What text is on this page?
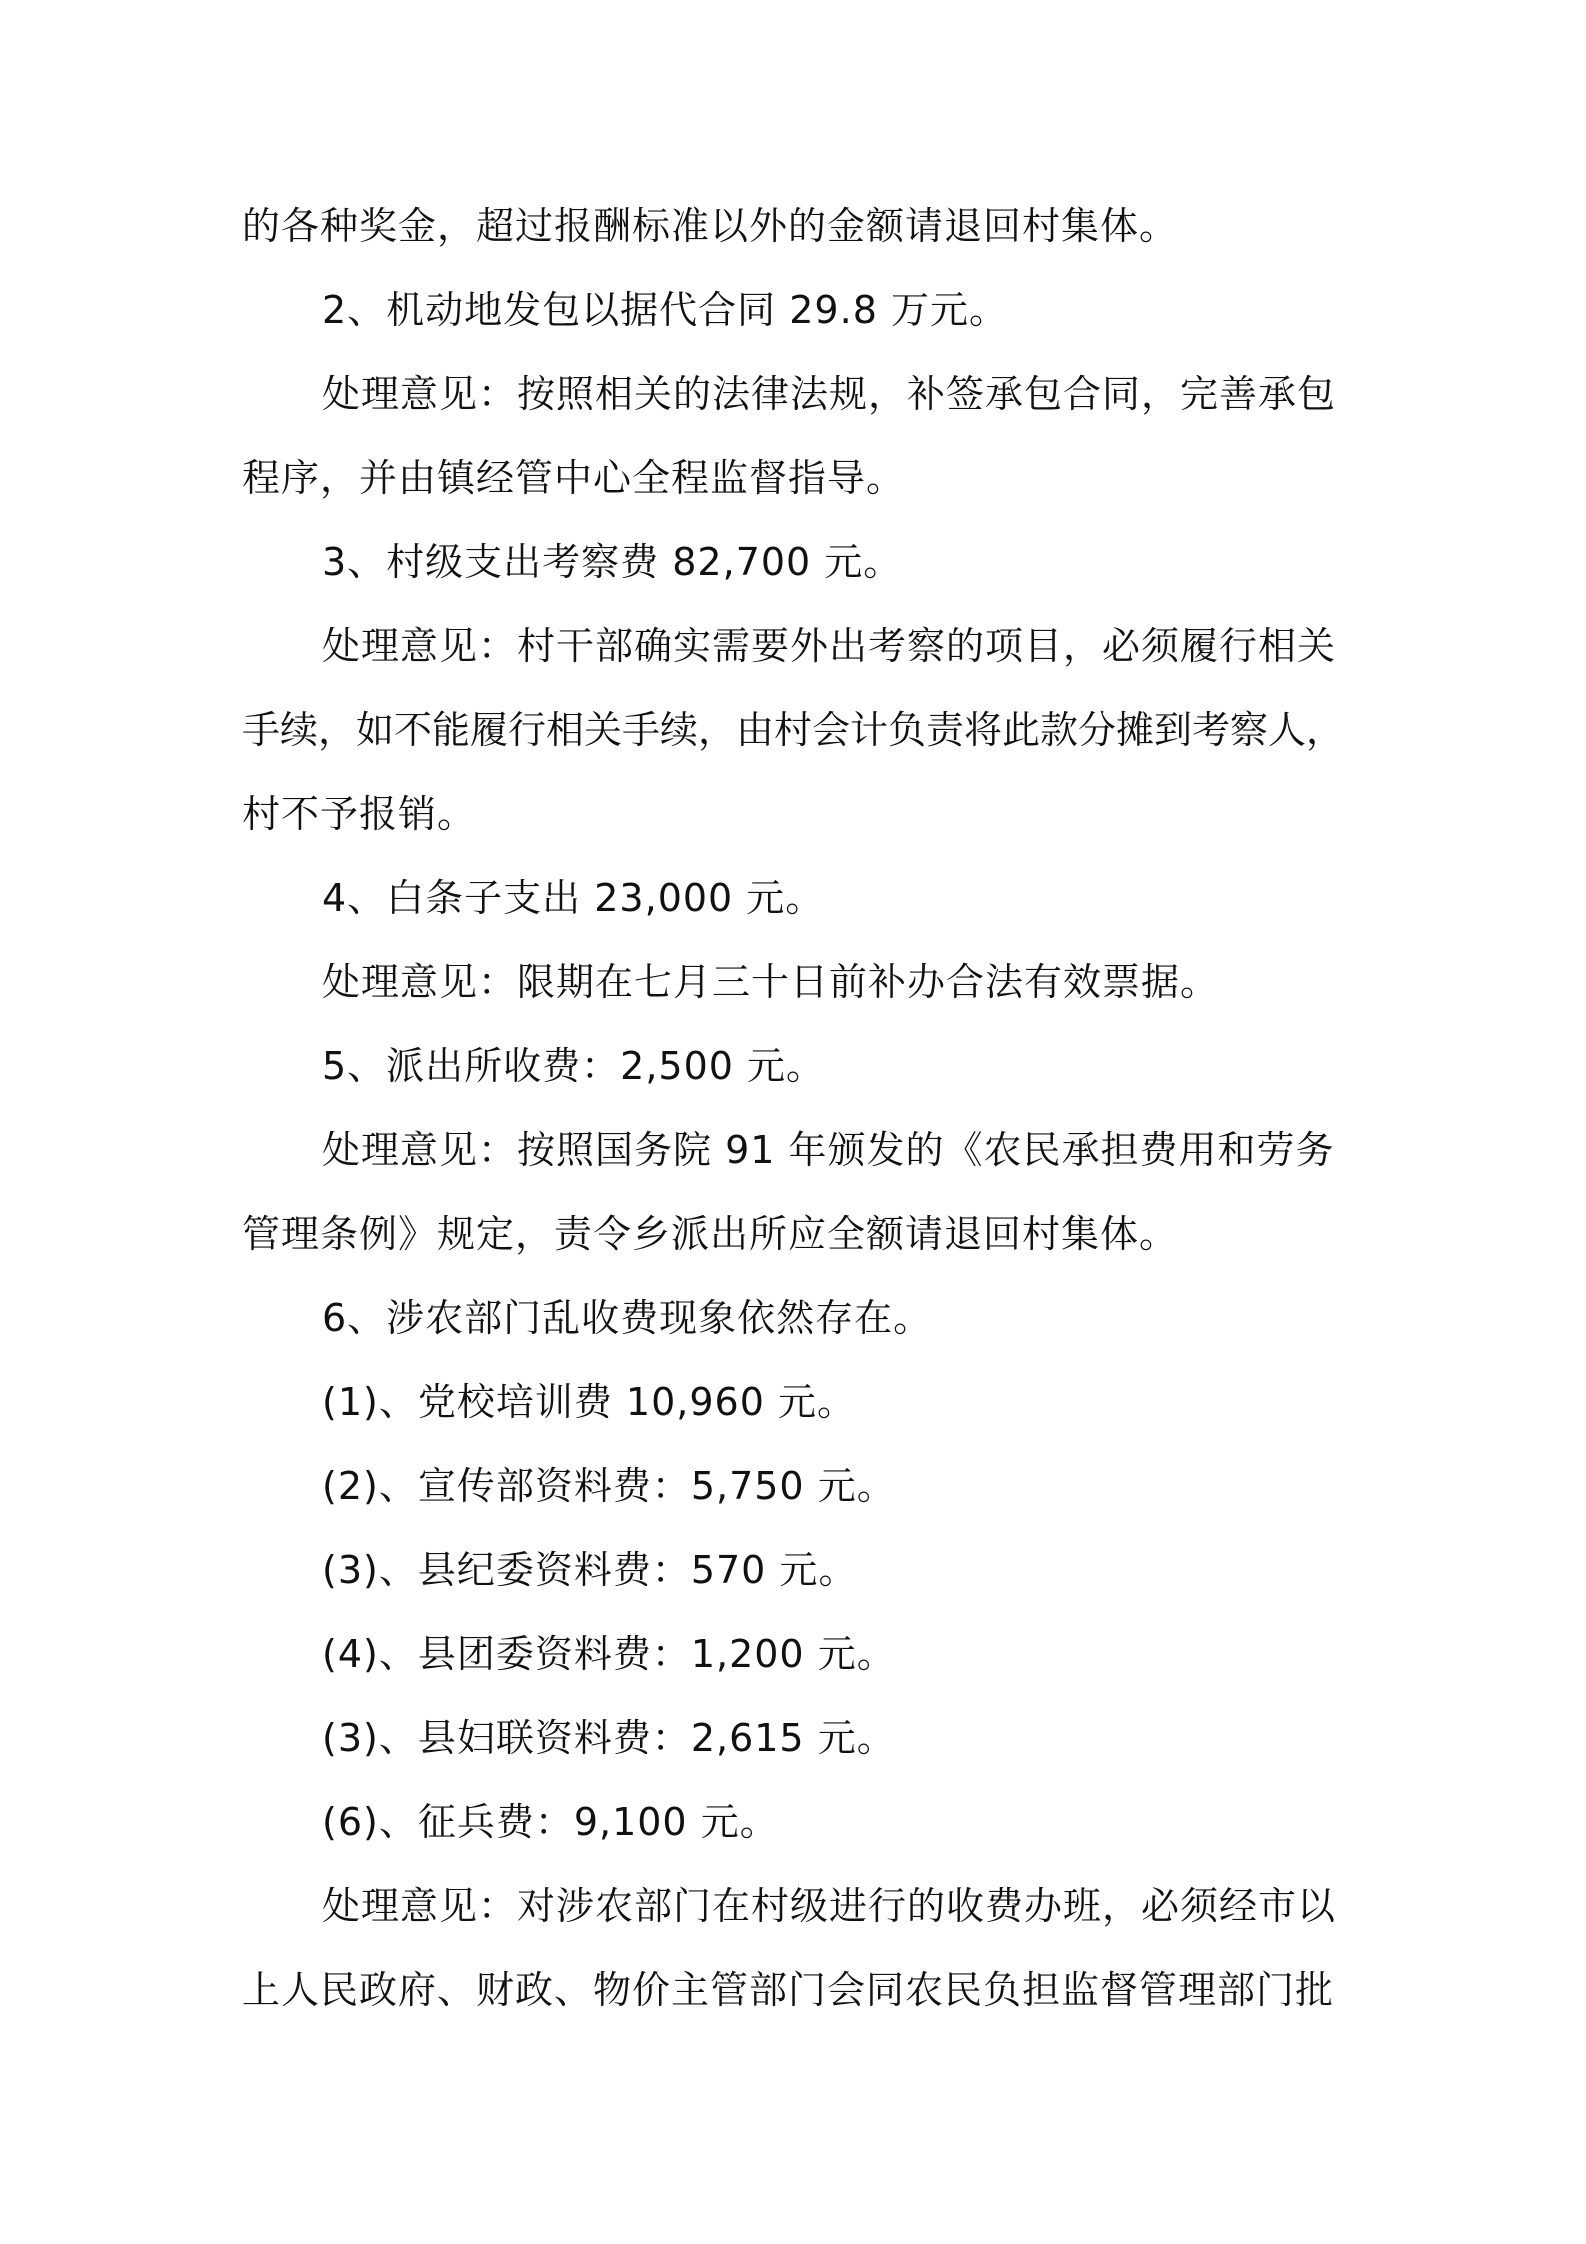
的各种奖金，超过报酬标准以外的金额请退回村集体。
2、机动地发包以据代合同 29.8 万元。
处理意见：按照相关的法律法规，补签承包合同，完善承包
程序，并由镇经管中心全程监督指导。
3、村级支出考察费 82,700 元。
处理意见：村干部确实需要外出考察的项目，必须履行相关
手续，如不能履行相关手续，由村会计负责将此款分摊到考察人，
村不予报销。
4、白条子支出 23,000 元。
处理意见：限期在七月三十日前补办合法有效票据。
5、派出所收费：2,500 元。
处理意见：按照国务院 91 年颁发的《农民承担费用和劳务
管理条例》规定，责令乡派出所应全额请退回村集体。
6、涉农部门乱收费现象依然存在。
(1)、党校培训费 10,960 元。
(2)、宣传部资料费：5,750 元。
(3)、县纪委资料费：570 元。
(4)、县团委资料费：1,200 元。
(3)、县妇联资料费：2,615 元。
(6)、征兵费：9,100 元。
处理意见：对涉农部门在村级进行的收费办班，必须经市以
上人民政府、财政、物价主管部门会同农民负担监督管理部门批
